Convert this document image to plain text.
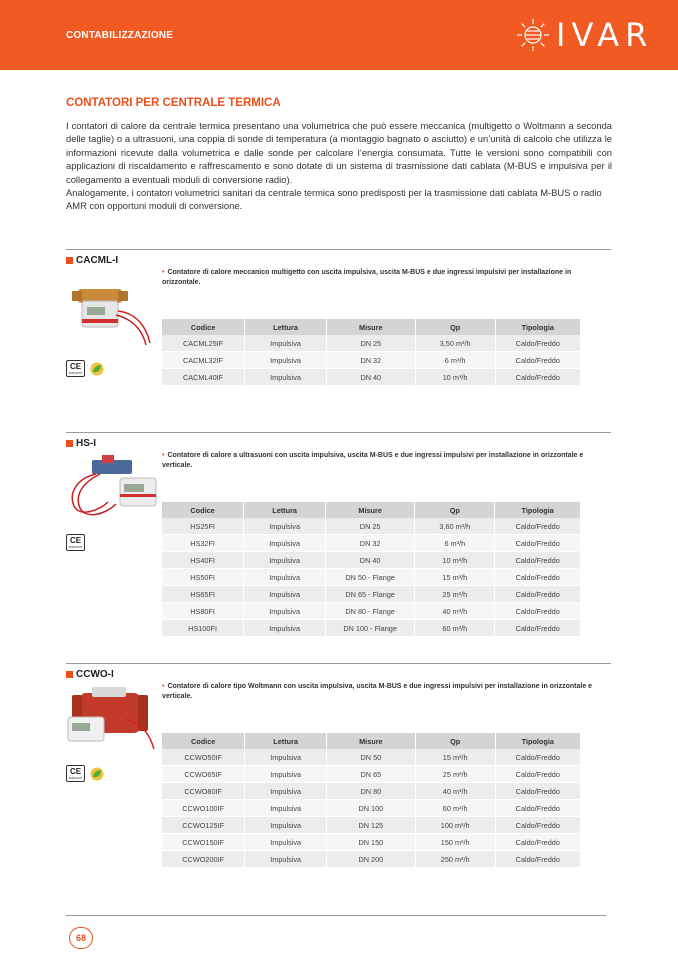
CONTABILIZZAZIONE	IVAR
CONTATORI PER CENTRALE TERMICA

I contatori di calore da centrale termica presentano una volumetrica che può essere meccanica (multigetto o Woltmann a seconda delle taglie) o a ultrasuoni, una coppia di sonde di temperatura (a montaggio bagnato o asciutto) e un’unità di calcolo che utilizza le informazioni ricevute dalla volumetrica e dalle sonde per calcolare l’energia consumata. Tutte le versioni sono compatibili con applicazioni di riscaldamento e raffrescamento e sono dotate di un sistema di trasmissione dati cablata (M-BUS e impulsiva per il collegamento a eventuali moduli di conversione radio).

Analogamente, i contatori volumetrici sanitari da centrale termica sono predisposti per la trasmissione dati cablata M-BUS o radio AMR con opportuni moduli di conversione.

CACML-I
• Contatore di calore meccanico multigetto con uscita impulsiva, uscita M-BUS e due ingressi impulsivi per installazione in orizzontale.
CE
M18 0070
Codice	Lettura	Misure	Qp	Tipologia
CACML25IF	Impulsiva	DN 25	3,50 m³/h	Caldo/Freddo
CACML32IF	Impulsiva	DN 32	6 m³/h	Caldo/Freddo
CACML40IF	Impulsiva	DN 40	10 m³/h	Caldo/Freddo
HS-I
• Contatore di calore a ultrasuoni con uscita impulsiva, uscita M-BUS e due ingressi impulsivi per installazione in orizzontale e verticale.
CE
M18 0070
Codice	Lettura	Misure	Qp	Tipologia
HS25FI	Impulsiva	DN 25	3,60 m³/h	Caldo/Freddo
HS32FI	Impulsiva	DN 32	6 m³/h	Caldo/Freddo
HS40FI	Impulsiva	DN 40	10 m³/h	Caldo/Freddo
HS50FI	Impulsiva	DN 50 - Flange	15 m³/h	Caldo/Freddo
HS65FI	Impulsiva	DN 65 - Flange	25 m³/h	Caldo/Freddo
HS80FI	Impulsiva	DN 80 - Flange	40 m³/h	Caldo/Freddo
HS100FI	Impulsiva	DN 100 - Flange	60 m³/h	Caldo/Freddo
CCWO-I
• Contatore di calore tipo Woltmann con uscita impulsiva, uscita M-BUS e due ingressi impulsivi per installazione in orizzontale e verticale.
CE
M18 0070
Codice	Lettura	Misure	Qp	Tipologia
CCWO50IF	Impulsiva	DN 50	15 m³/h	Caldo/Freddo
CCWO65IF	Impulsiva	DN 65	25 m³/h	Caldo/Freddo
CCWO80IF	Impulsiva	DN 80	40 m³/h	Caldo/Freddo
CCWO100IF	Impulsiva	DN 100	60 m³/h	Caldo/Freddo
CCWO125IF	Impulsiva	DN 125	100 m³/h	Caldo/Freddo
CCWO150IF	Impulsiva	DN 150	150 m³/h	Caldo/Freddo
CCWO200IF	Impulsiva	DN 200	250 m³/h	Caldo/Freddo
68
